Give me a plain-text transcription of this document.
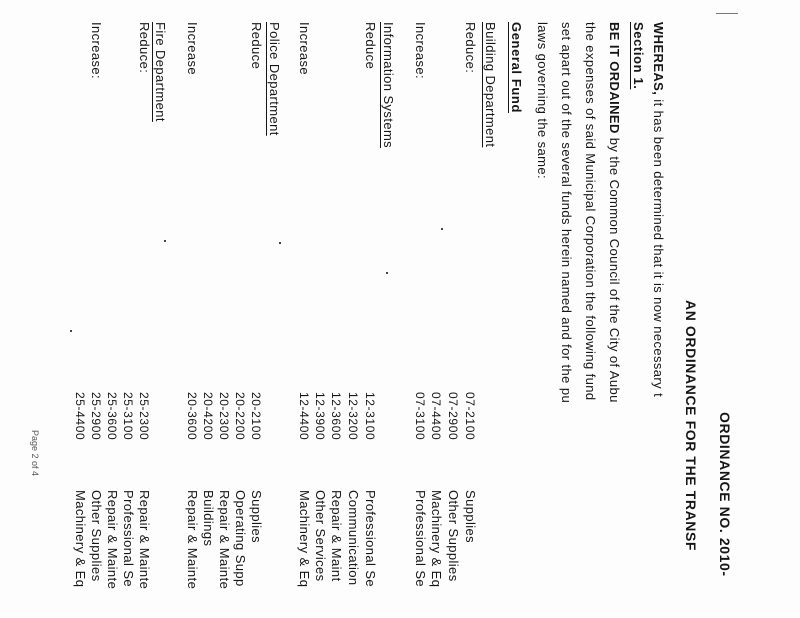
ORDINANCE NO. 2010-
AN ORDINANCE FOR THE TRANSF
WHEREAS, it has been determined that it is now necessary t
Section 1.
BE IT ORDAINED by the Common Council of the City of Aubu
the expenses of said Municipal Corporation the following fund
set apart out of the several funds herein named and for the pu
laws governing the same:
General Fund
Building Department
Reduce:
Increase:
07-2100
07-2900
07-4400
07-3100
Supplies
Other Supplies
Machinery & Eq
Professional Se
Information Systems
Reduce
Increase
12-3100
12-3200
12-3600
12-3900
12-4400
Professional Se
Communication
Repair & Maint
Other Services
Machinery & Eq
Police Department
Reduce
Increase
20-2100
20-2200
20-2300
20-4200
20-3600
Supplies
Operating Supp
Repair & Mainte
Buildings
Repair & Mainte
Fire Department
Reduce:
Increase:
25-2300
25-3100
25-3600
25-2900
25-4400
Repair & Mainte
Professional Se
Repair & Mainte
Other Supplies
Machinery & Eq
Page 2 of 4
